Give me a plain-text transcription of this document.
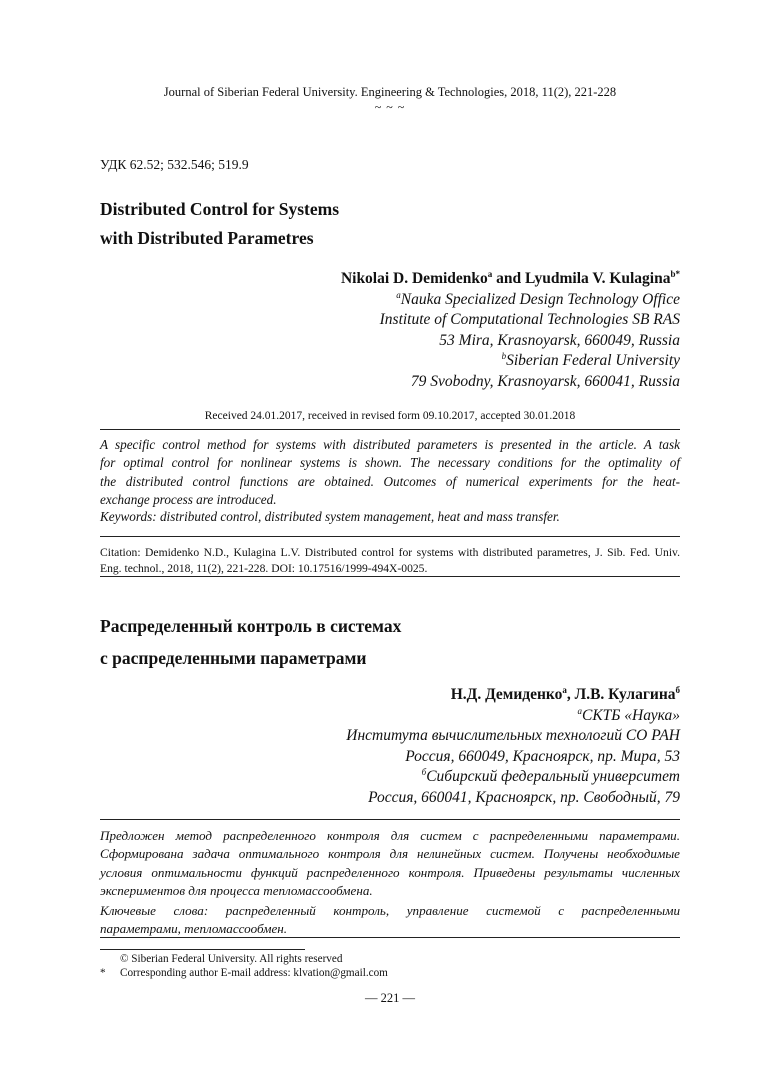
Journal of Siberian Federal University. Engineering & Technologies, 2018, 11(2), 221-228
~ ~ ~
УДК 62.52; 532.546; 519.9
Distributed Control for Systems
with Distributed Parametres
Nikolai D. Demidenko$^a$ and Lyudmila V. Kulagina$^{b*}$
$^a$Nauka Specialized Design Technology Office
Institute of Computational Technologies SB RAS
53 Mira, Krasnoyarsk, 660049, Russia
$^b$Siberian Federal University
79 Svobodny, Krasnoyarsk, 660041, Russia
Received 24.01.2017, received in revised form 09.10.2017, accepted 30.01.2018
A specific control method for systems with distributed parameters is presented in the article. A task
for optimal control for nonlinear systems is shown. The necessary conditions for the optimality of
the distributed control functions are obtained. Outcomes of numerical experiments for the heat-
exchange process are introduced.
Keywords: distributed control, distributed system management, heat and mass transfer.
Citation: Demidenko N.D., Kulagina L.V. Distributed control for systems with distributed parametres, J. Sib. Fed. Univ.
Eng. technol., 2018, 11(2), 221-228. DOI: 10.17516/1999-494X-0025.
Распределенный контроль в системах
с распределенными параметрами
Н.Д. Демиденко$^а$, Л.В. Кулагина$^б$
$^а$СКТБ «Наука»
Института вычислительных технологий СО РАН
Россия, 660049, Красноярск, пр. Мира, 53
$^б$Сибирский федеральный университет
Россия, 660041, Красноярск, пр. Свободный, 79
Предложен метод распределенного контроля для систем с распределенными параметрами.
Сформирована задача оптимального контроля для нелинейных систем. Получены необходимые
условия оптимальности функций распределенного контроля. Приведены результаты численных
экспериментов для процесса тепломассообмена.
Ключевые слова: распределенный контроль, управление системой с распределенными
параметрами, тепломассообмен.
© Siberian Federal University. All rights reserved
* Corresponding author E-mail address: klvation@gmail.com
— 221 —
